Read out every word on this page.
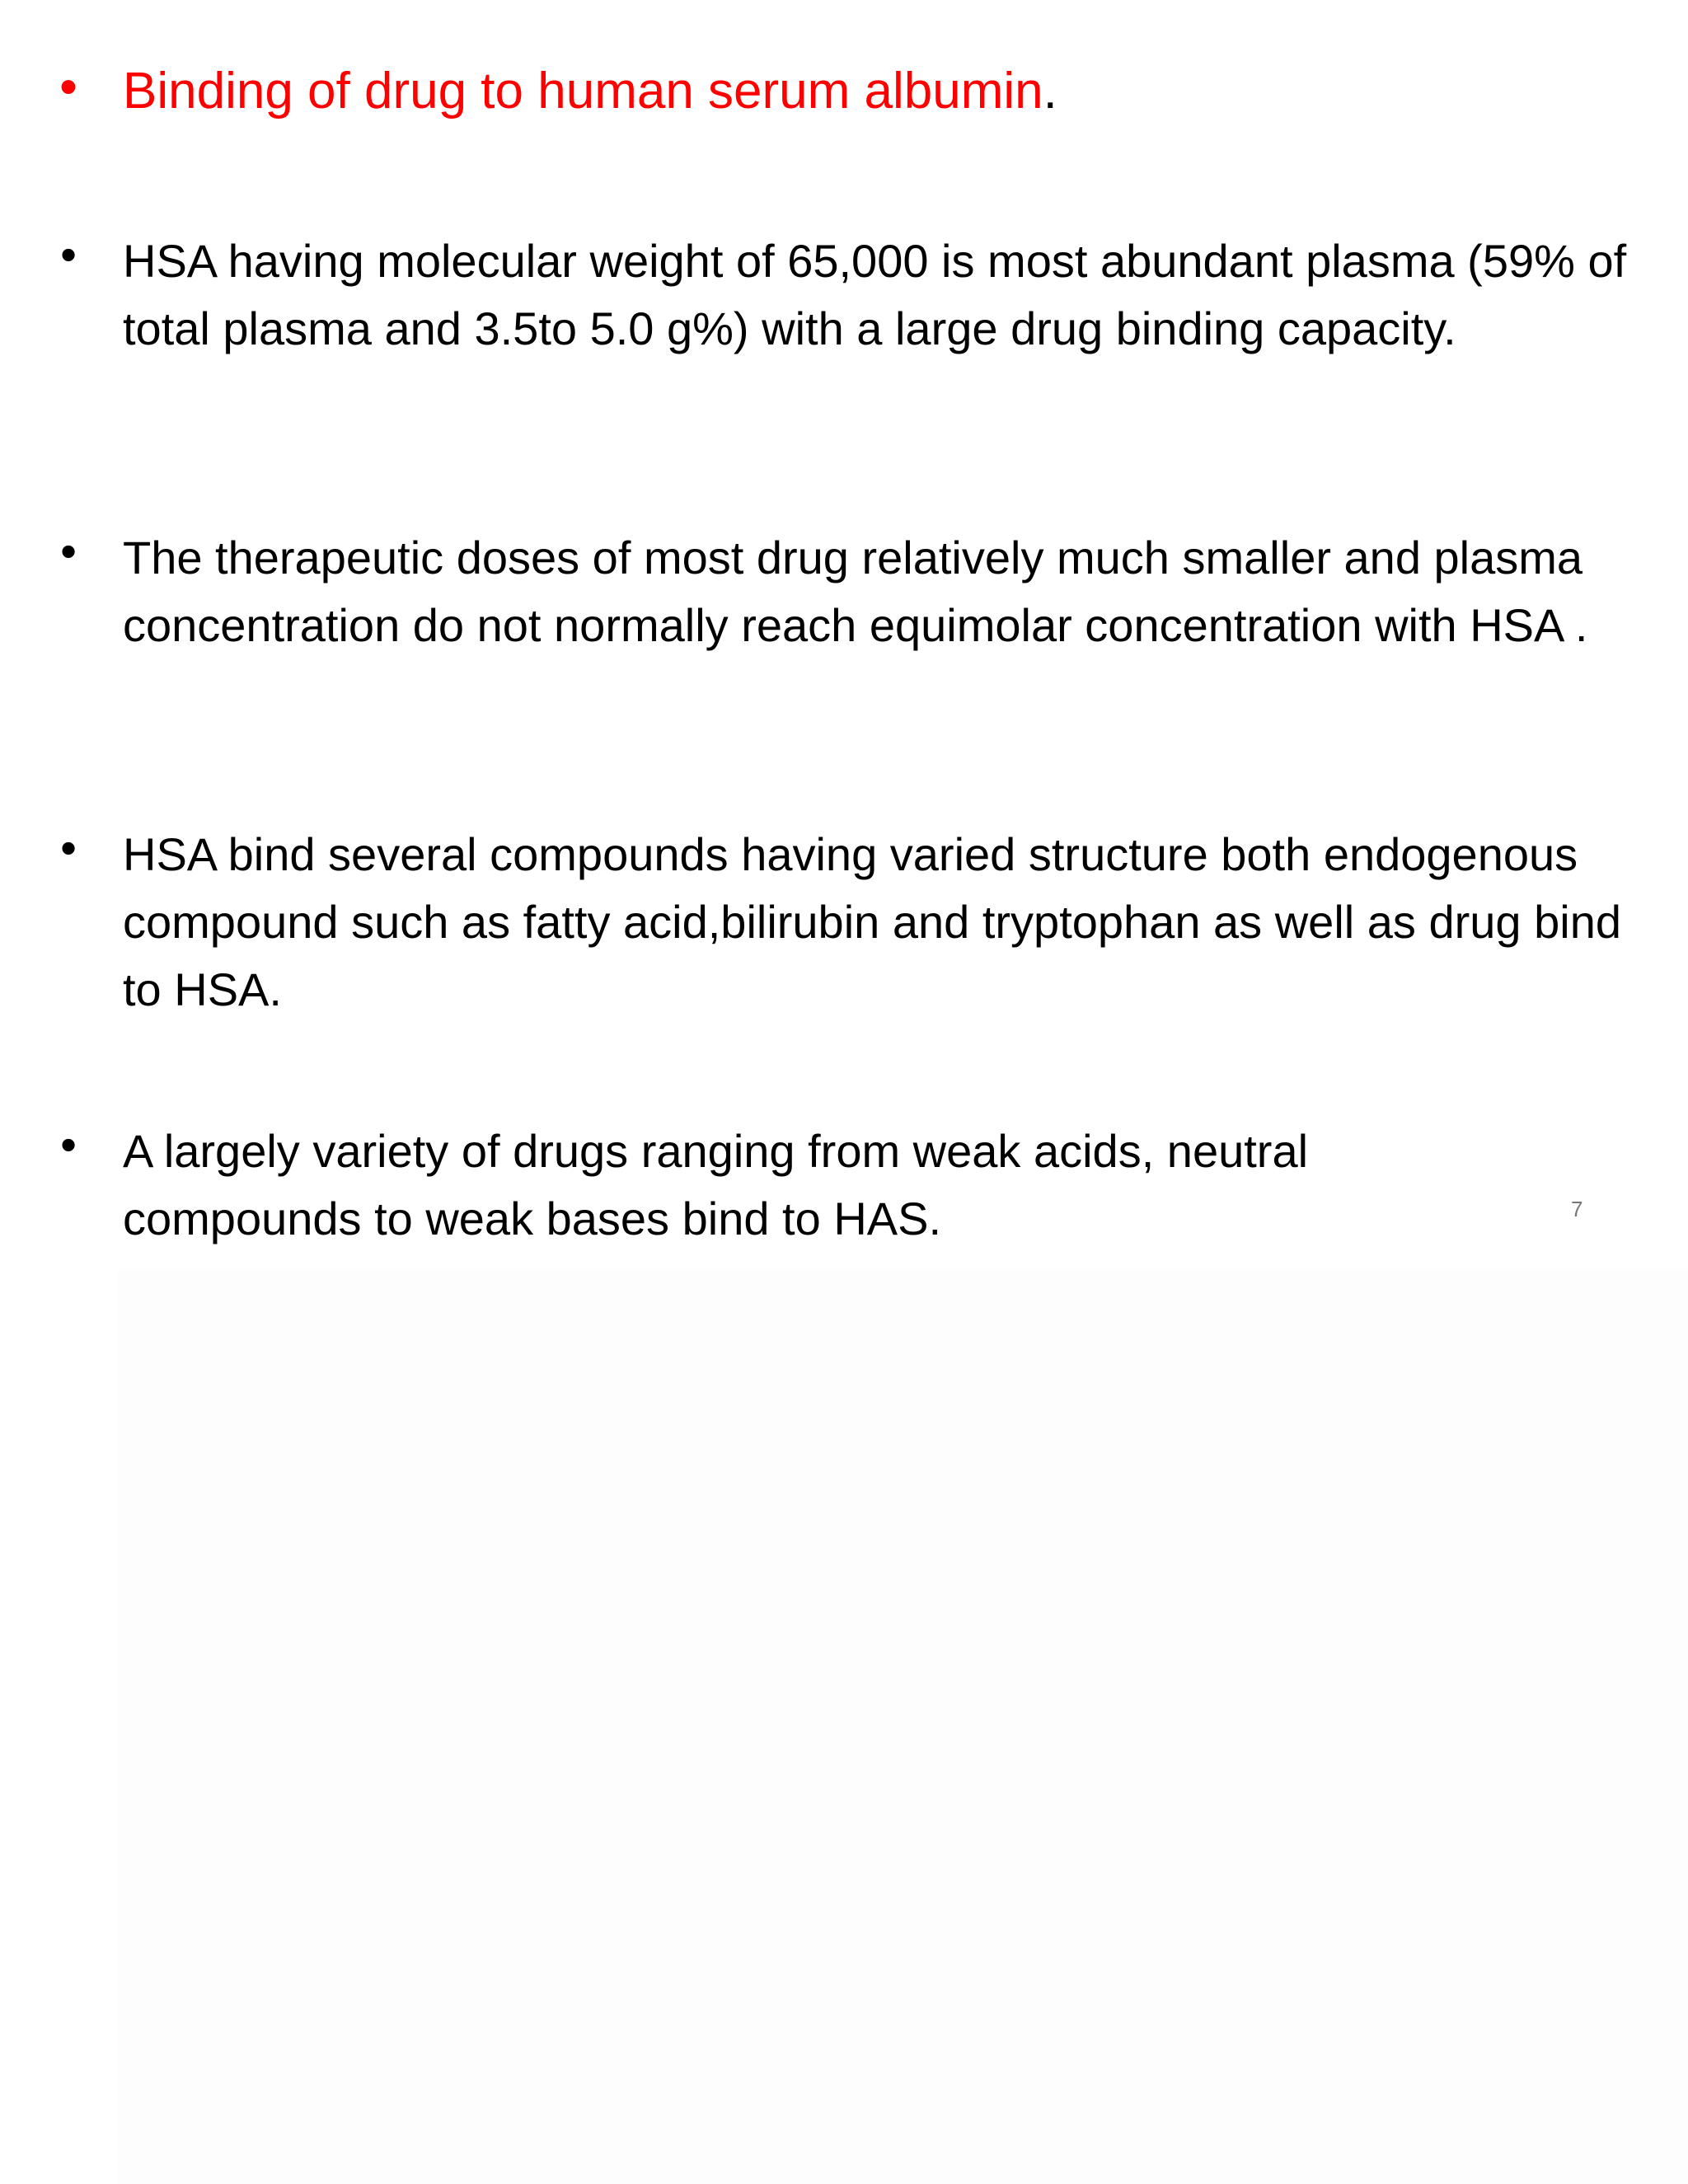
• Binding of drug to human serum albumin.
• HSA having molecular weight of 65,000 is most abundant plasma (59% of total plasma and 3.5to 5.0 g%) with a large drug binding capacity.
• The therapeutic doses of most drug relatively much smaller and plasma concentration do not normally reach equimolar concentration with HSA .
• HSA bind several compounds having varied structure both endogenous compound such as fatty acid,bilirubin and tryptophan as well as drug bind to HSA.
• A largely variety of drugs ranging from weak acids, neutral compounds to weak bases bind to HAS.	7
